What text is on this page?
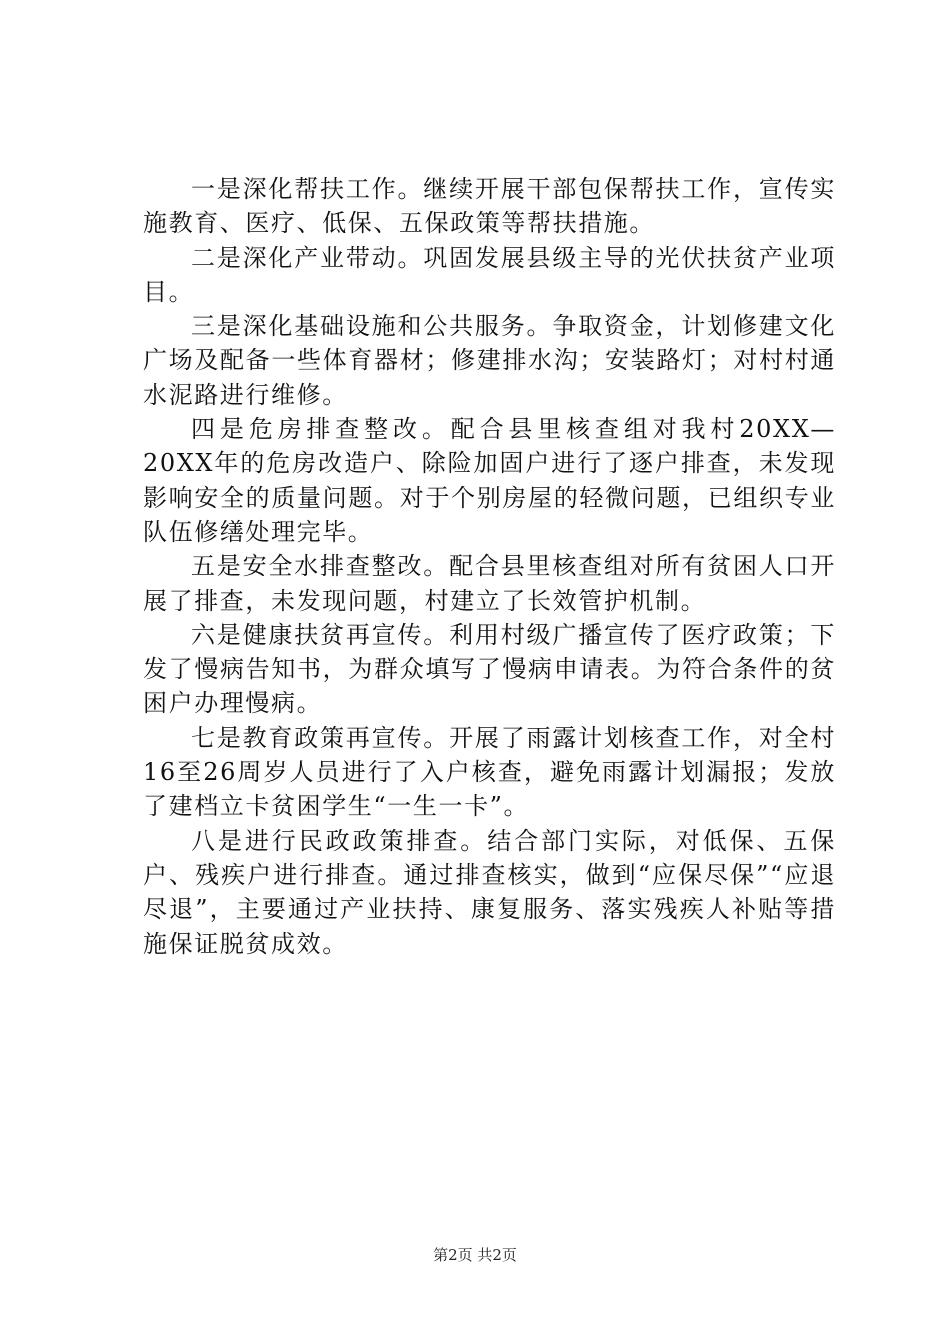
一是深化帮扶工作。继续开展干部包保帮扶工作，宣传实施教育、医疗、低保、五保政策等帮扶措施。

二是深化产业带动。巩固发展县级主导的光伏扶贫产业项目。

三是深化基础设施和公共服务。争取资金，计划修建文化广场及配备一些体育器材；修建排水沟；安装路灯；对村村通水泥路进行维修。

四是危房排查整改。配合县里核查组对我村20XX—20XX年的危房改造户、除险加固户进行了逐户排查，未发现影响安全的质量问题。对于个别房屋的轻微问题，已组织专业队伍修缮处理完毕。

五是安全水排查整改。配合县里核查组对所有贫困人口开展了排查，未发现问题，村建立了长效管护机制。

六是健康扶贫再宣传。利用村级广播宣传了医疗政策；下发了慢病告知书，为群众填写了慢病申请表。为符合条件的贫困户办理慢病。

七是教育政策再宣传。开展了雨露计划核查工作，对全村16至26周岁人员进行了入户核查，避免雨露计划漏报；发放了建档立卡贫困学生“一生一卡”。

八是进行民政政策排查。结合部门实际，对低保、五保户、残疾户进行排查。通过排查核实，做到“应保尽保”“应退尽退”，主要通过产业扶持、康复服务、落实残疾人补贴等措施保证脱贫成效。

第2页 共2页
